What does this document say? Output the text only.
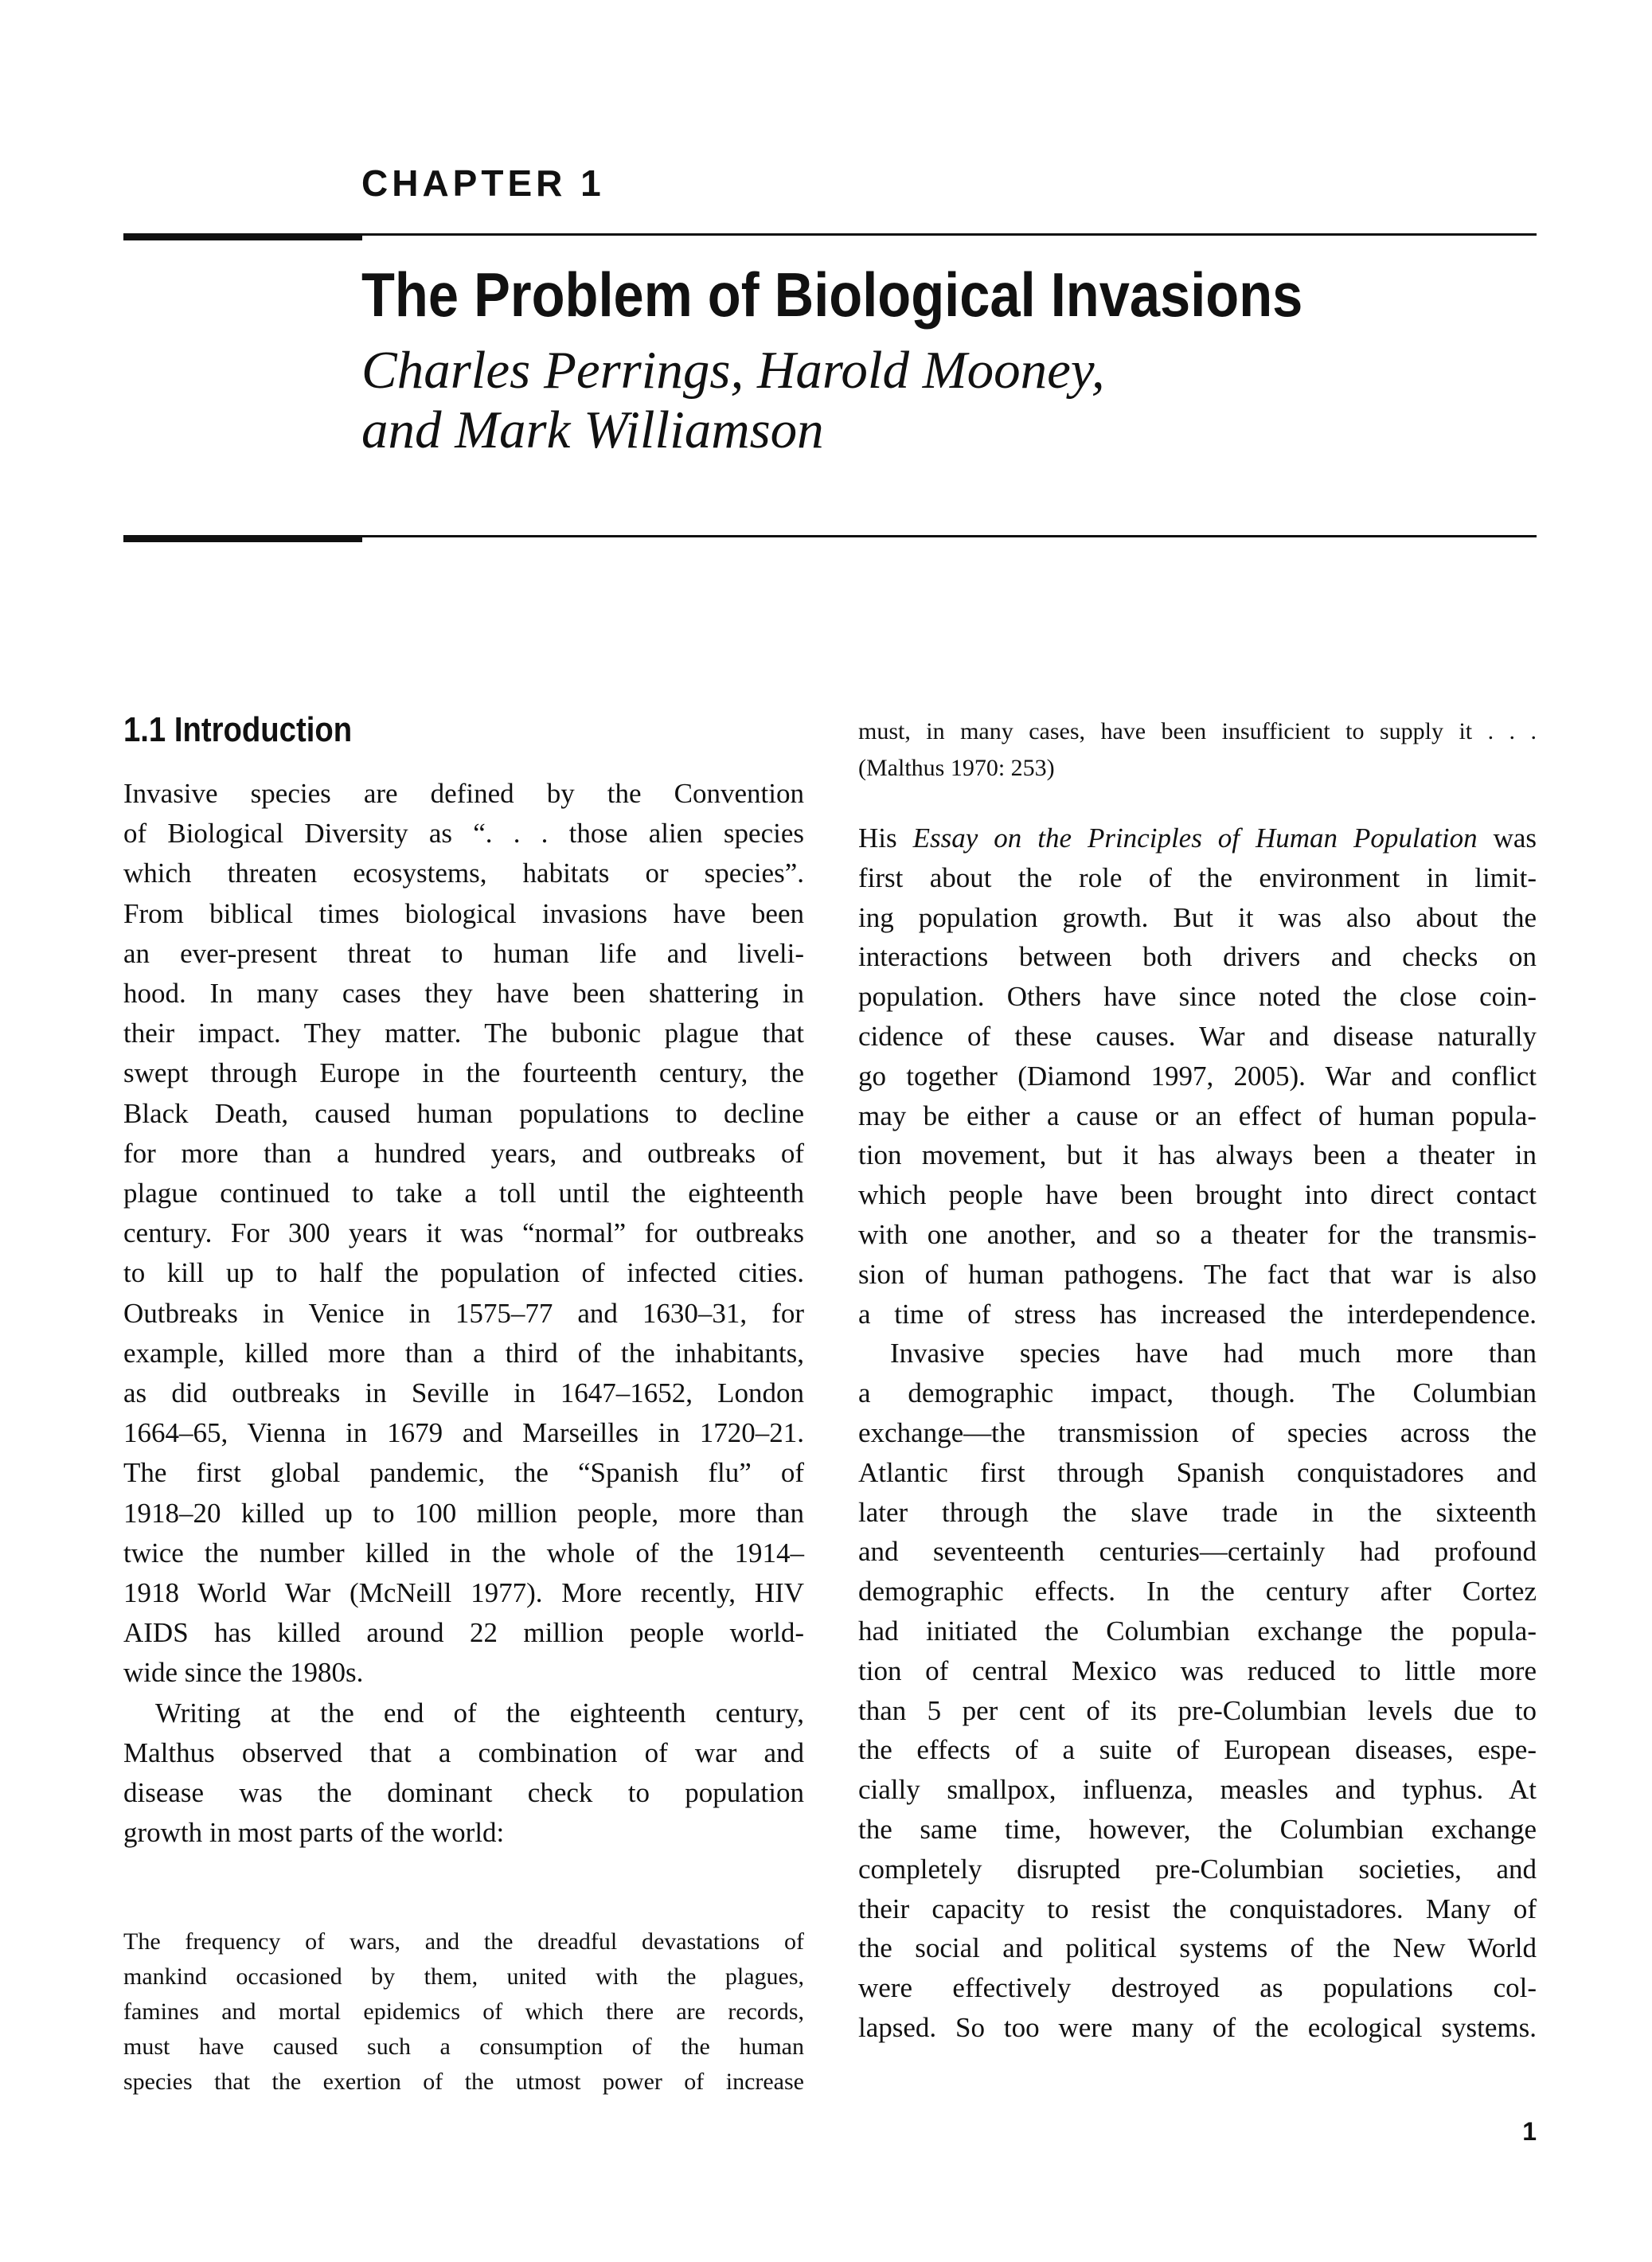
CHAPTER 1
The Problem of Biological Invasions
Charles Perrings, Harold Mooney,
and Mark Williamson
1.1 Introduction
Invasive species are defined by the Convention
of Biological Diversity as “. . . those alien species
which threaten ecosystems, habitats or species”.
From biblical times biological invasions have been
an ever-present threat to human life and liveli-
hood. In many cases they have been shattering in
their impact. They matter. The bubonic plague that
swept through Europe in the fourteenth century, the
Black Death, caused human populations to decline
for more than a hundred years, and outbreaks of
plague continued to take a toll until the eighteenth
century. For 300 years it was “normal” for outbreaks
to kill up to half the population of infected cities.
Outbreaks in Venice in 1575–77 and 1630–31, for
example, killed more than a third of the inhabitants,
as did outbreaks in Seville in 1647–1652, London
1664–65, Vienna in 1679 and Marseilles in 1720–21.
The first global pandemic, the “Spanish flu” of
1918–20 killed up to 100 million people, more than
twice the number killed in the whole of the 1914–
1918 World War (McNeill 1977). More recently, HIV
AIDS has killed around 22 million people world-
wide since the 1980s.
Writing at the end of the eighteenth century,
Malthus observed that a combination of war and
disease was the dominant check to population
growth in most parts of the world:
The frequency of wars, and the dreadful devastations of
mankind occasioned by them, united with the plagues,
famines and mortal epidemics of which there are records,
must have caused such a consumption of the human
species that the exertion of the utmost power of increase
must, in many cases, have been insufficient to supply it . . .
(Malthus 1970: 253)
His Essay on the Principles of Human Population was
first about the role of the environment in limit-
ing population growth. But it was also about the
interactions between both drivers and checks on
population. Others have since noted the close coin-
cidence of these causes. War and disease naturally
go together (Diamond 1997, 2005). War and conflict
may be either a cause or an effect of human popula-
tion movement, but it has always been a theater in
which people have been brought into direct contact
with one another, and so a theater for the transmis-
sion of human pathogens. The fact that war is also
a time of stress has increased the interdependence.
Invasive species have had much more than
a demographic impact, though. The Columbian
exchange—the transmission of species across the
Atlantic first through Spanish conquistadores and
later through the slave trade in the sixteenth
and seventeenth centuries—certainly had profound
demographic effects. In the century after Cortez
had initiated the Columbian exchange the popula-
tion of central Mexico was reduced to little more
than 5 per cent of its pre-Columbian levels due to
the effects of a suite of European diseases, espe-
cially smallpox, influenza, measles and typhus. At
the same time, however, the Columbian exchange
completely disrupted pre-Columbian societies, and
their capacity to resist the conquistadores. Many of
the social and political systems of the New World
were effectively destroyed as populations col-
lapsed. So too were many of the ecological systems.
1
